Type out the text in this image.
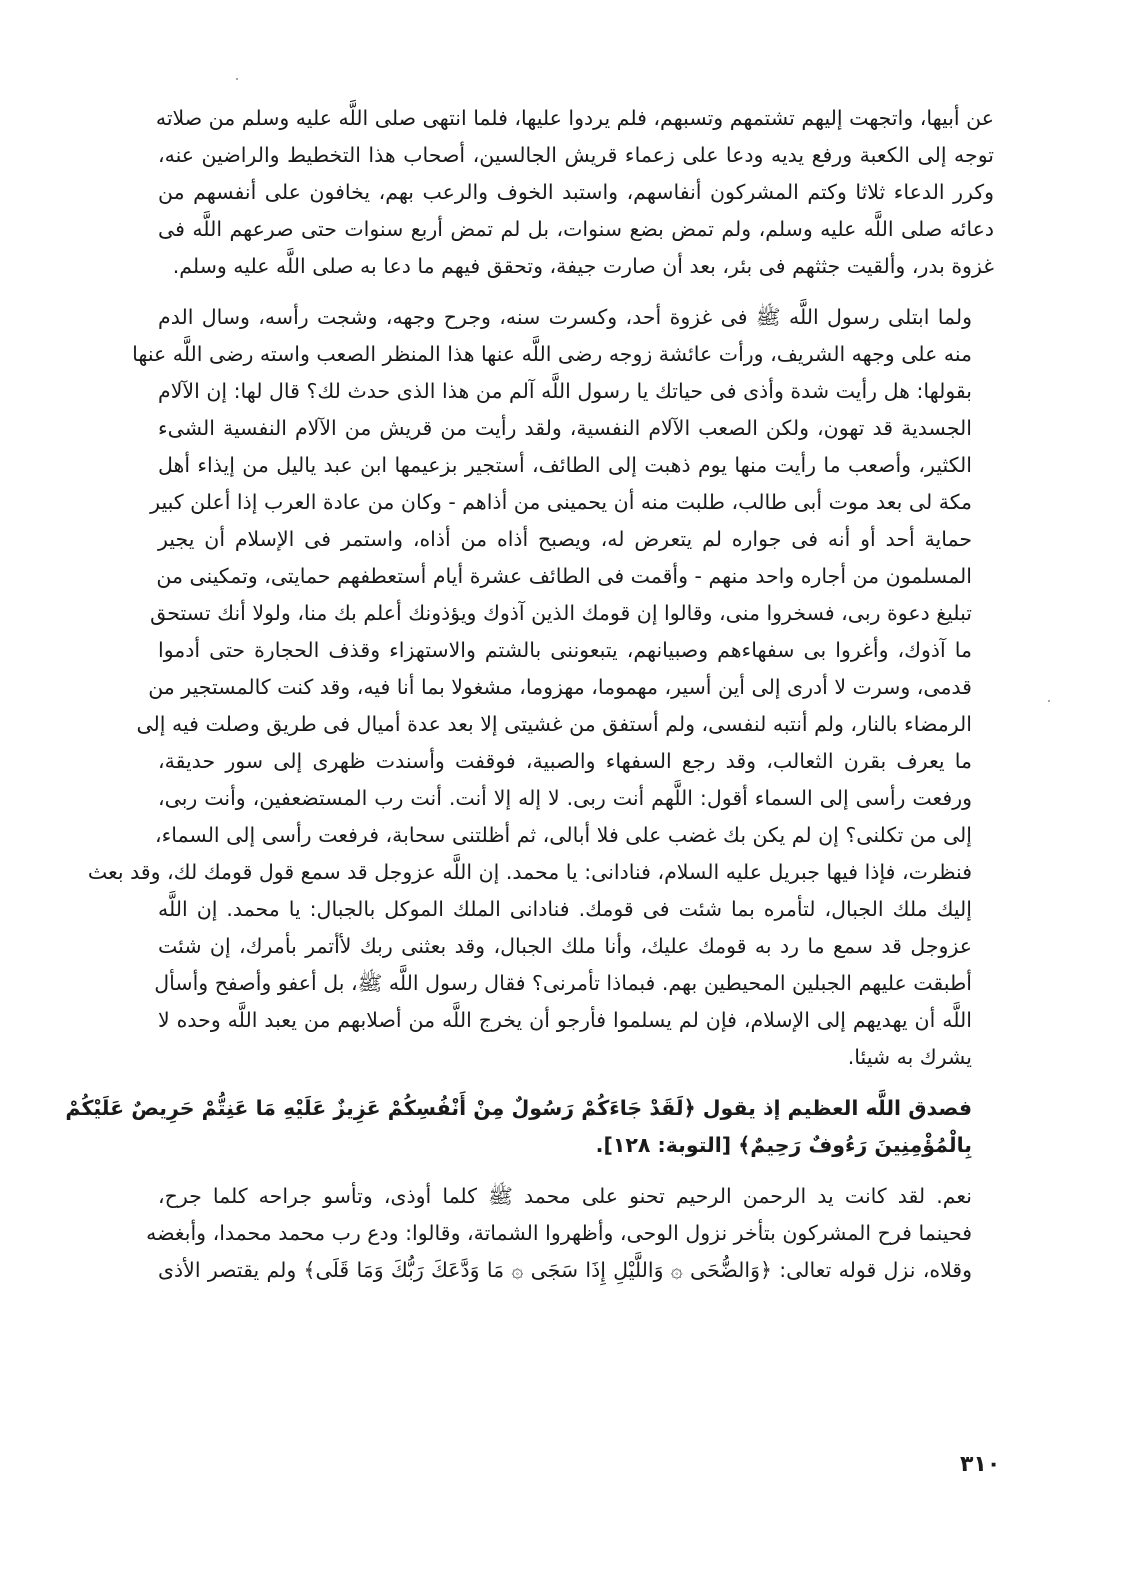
عن أبيها، واتجهت إليهم تشتمهم وتسبهم، فلم يردوا عليها، فلما انتهى صلى اللَّه عليه وسلم من صلاته
توجه إلى الكعبة ورفع يديه ودعا على زعماء قريش الجالسين، أصحاب هذا التخطيط والراضين عنه،
وكرر الدعاء ثلاثا وكتم المشركون أنفاسهم، واستبد الخوف والرعب بهم، يخافون على أنفسهم من
دعائه صلى اللَّه عليه وسلم، ولم تمض بضع سنوات، بل لم تمض أربع سنوات حتى صرعهم اللَّه فى
غزوة بدر، وألقيت جثثهم فى بئر، بعد أن صارت جيفة، وتحقق فيهم ما دعا به صلى اللَّه عليه وسلم.

ولما ابتلى رسول اللَّه ﷺ فى غزوة أحد، وكسرت سنه، وجرح وجهه، وشجت رأسه، وسال الدم
منه على وجهه الشريف، ورأت عائشة زوجه رضى اللَّه عنها هذا المنظر الصعب واسته رضى اللَّه عنها
بقولها: هل رأيت شدة وأذى فى حياتك يا رسول اللَّه آلم من هذا الذى حدث لك؟ قال لها: إن الآلام
الجسدية قد تهون، ولكن الصعب الآلام النفسية، ولقد رأيت من قريش من الآلام النفسية الشىء
الكثير، وأصعب ما رأيت منها يوم ذهبت إلى الطائف، أستجير بزعيمها ابن عبد ياليل من إيذاء أهل
مكة لى بعد موت أبى طالب، طلبت منه أن يحمينى من أذاهم - وكان من عادة العرب إذا أعلن كبير
حماية أحد أو أنه فى جواره لم يتعرض له، ويصبح أذاه من أذاه، واستمر فى الإسلام أن يجير
المسلمون من أجاره واحد منهم - وأقمت فى الطائف عشرة أيام أستعطفهم حمايتى، وتمكينى من
تبليغ دعوة ربى، فسخروا منى، وقالوا إن قومك الذين آذوك ويؤذونك أعلم بك منا، ولولا أنك تستحق
ما آذوك، وأغروا بى سفهاءهم وصبيانهم، يتبعوننى بالشتم والاستهزاء وقذف الحجارة حتى أدموا
قدمى، وسرت لا أدرى إلى أين أسير، مهموما، مهزوما، مشغولا بما أنا فيه، وقد كنت كالمستجير من
الرمضاء بالنار، ولم أنتبه لنفسى، ولم أستفق من غشيتى إلا بعد عدة أميال فى طريق وصلت فيه إلى
ما يعرف بقرن الثعالب، وقد رجع السفهاء والصبية، فوقفت وأسندت ظهرى إلى سور حديقة،
ورفعت رأسى إلى السماء أقول: اللَّهم أنت ربى. لا إله إلا أنت. أنت رب المستضعفين، وأنت ربى،
إلى من تكلنى؟ إن لم يكن بك غضب على فلا أبالى، ثم أظلتنى سحابة، فرفعت رأسى إلى السماء،
فنظرت، فإذا فيها جبريل عليه السلام، فنادانى: يا محمد. إن اللَّه عزوجل قد سمع قول قومك لك، وقد بعث
إليك ملك الجبال، لتأمره بما شئت فى قومك. فنادانى الملك الموكل بالجبال: يا محمد. إن اللَّه
عزوجل قد سمع ما رد به قومك عليك، وأنا ملك الجبال، وقد بعثنى ربك لأأتمر بأمرك، إن شئت
أطبقت عليهم الجبلين المحيطين بهم. فبماذا تأمرنى؟ فقال رسول اللَّه ﷺ، بل أعفو وأصفح وأسأل
اللَّه أن يهديهم إلى الإسلام، فإن لم يسلموا فأرجو أن يخرج اللَّه من أصلابهم من يعبد اللَّه وحده لا
يشرك به شيئا.

فصدق اللَّه العظيم إذ يقول ﴿لَقَدْ جَاءَكُمْ رَسُولٌ مِنْ أَنْفُسِكُمْ عَزِيزٌ عَلَيْهِ مَا عَنِتُّمْ حَرِيصٌ عَلَيْكُمْ
بِالْمُؤْمِنِينَ رَءُوفٌ رَحِيمٌ﴾ [التوبة: ١٢٨].

نعم. لقد كانت يد الرحمن الرحيم تحنو على محمد ﷺ كلما أوذى، وتأسو جراحه كلما جرح،
فحينما فرح المشركون بتأخر نزول الوحى، وأظهروا الشماتة، وقالوا: ودع رب محمد محمدا، وأبغضه
وقلاه، نزل قوله تعالى: ﴿وَالضُّحَى ۞ وَاللَّيْلِ إِذَا سَجَى ۞ مَا وَدَّعَكَ رَبُّكَ وَمَا قَلَى﴾ ولم يقتصر الأذى

٣١٠
